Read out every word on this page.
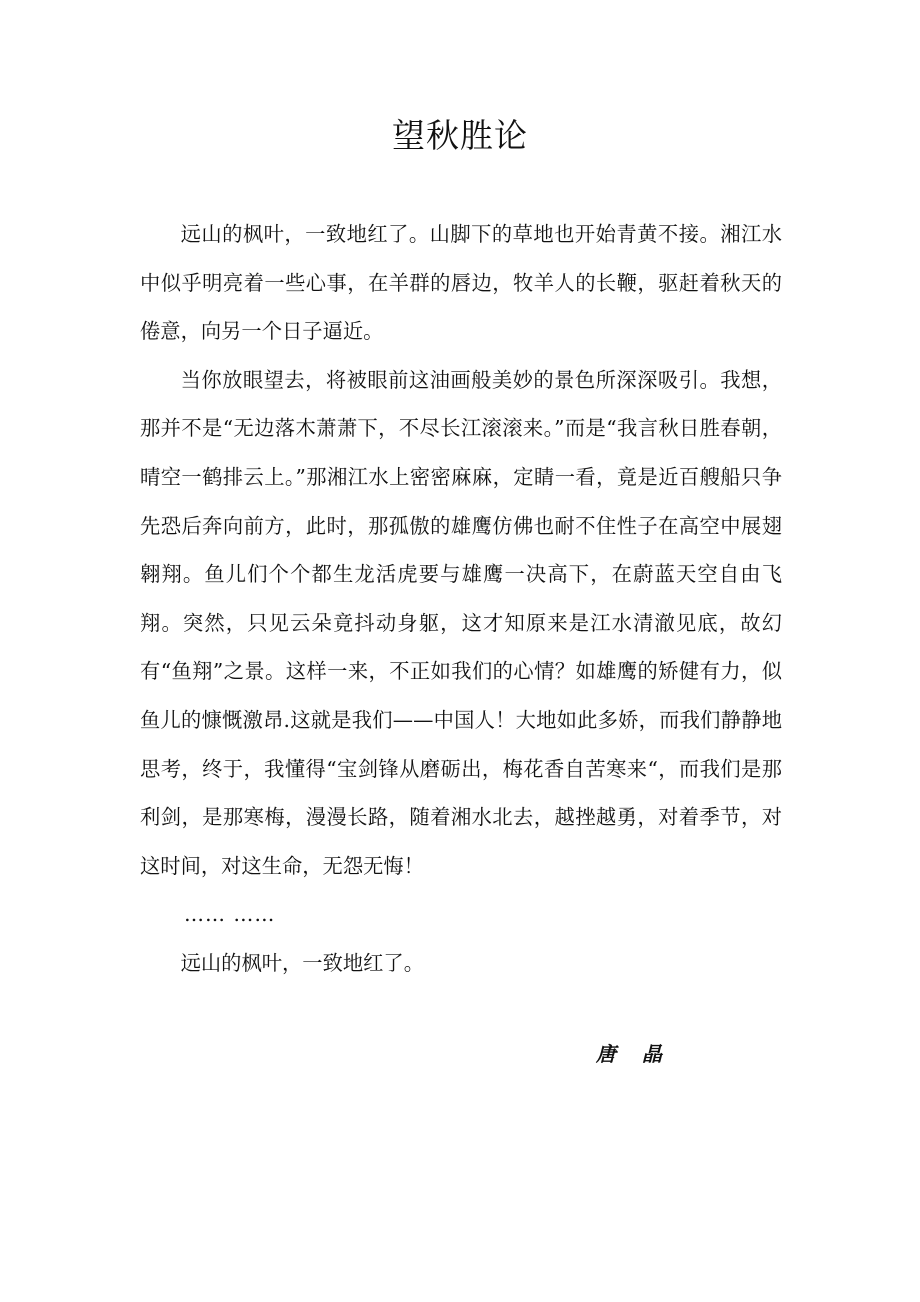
望秋胜论

远山的枫叶，一致地红了。山脚下的草地也开始青黄不接。湘江水中似乎明亮着一些心事，在羊群的唇边，牧羊人的长鞭，驱赶着秋天的倦意，向另一个日子逼近。

当你放眼望去，将被眼前这油画般美妙的景色所深深吸引。我想，那并不是“无边落木萧萧下，不尽长江滚滚来。”而是“我言秋日胜春朝，晴空一鹤排云上。”那湘江水上密密麻麻，定睛一看，竟是近百艘船只争先恐后奔向前方，此时，那孤傲的雄鹰仿佛也耐不住性子在高空中展翅翱翔。鱼儿们个个都生龙活虎要与雄鹰一决高下，在蔚蓝天空自由飞翔。突然，只见云朵竟抖动身躯，这才知原来是江水清澈见底，故幻有“鱼翔”之景。这样一来，不正如我们的心情？如雄鹰的矫健有力，似鱼儿的慷慨激昂.这就是我们——中国人！大地如此多娇，而我们静静地思考，终于，我懂得“宝剑锋从磨砺出，梅花香自苦寒来“，而我们是那利剑，是那寒梅，漫漫长路，随着湘水北去，越挫越勇，对着季节，对这时间，对这生命，无怨无悔！

…… ……

远山的枫叶，一致地红了。

唐晶
